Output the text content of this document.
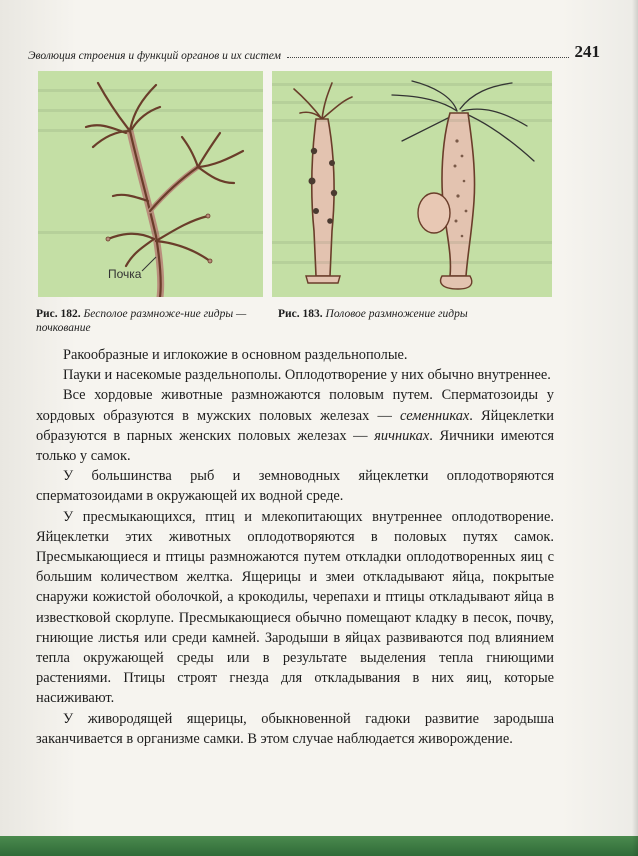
Эволюция строения и функций органов и их систем	241
Почка
Рис. 182. Бесполое размноже-ние гидры — почкование
Рис. 183. Половое размножение гидры

Ракообразные и иглокожие в основном раздельнополые.

Пауки и насекомые раздельнополы. Оплодотворение у них обычно внутреннее.

Все хордовые животные размножаются половым путем. Сперматозоиды у хордовых образуются в мужских половых железах — семенниках. Яйцеклетки образуются в парных женских половых железах — яичниках. Яичники имеются только у самок.

У большинства рыб и земноводных яйцеклетки оплодотворяются сперматозоидами в окружающей их водной среде.

У пресмыкающихся, птиц и млекопитающих внутреннее оплодотворение. Яйцеклетки этих животных оплодотворяются в половых путях самок. Пресмыкающиеся и птицы размножаются путем откладки оплодотворенных яиц с большим количеством желтка. Ящерицы и змеи откладывают яйца, покрытые снаружи кожистой оболочкой, а крокодилы, черепахи и птицы откладывают яйца в известковой скорлупе. Пресмыкающиеся обычно помещают кладку в песок, почву, гниющие листья или среди камней. Зародыши в яйцах развиваются под влиянием тепла окружающей среды или в результате выделения тепла гниющими растениями. Птицы строят гнезда для откладывания в них яиц, которые насиживают.

У живородящей ящерицы, обыкновенной гадюки развитие зародыша заканчивается в организме самки. В этом случае наблюдается живорождение.
